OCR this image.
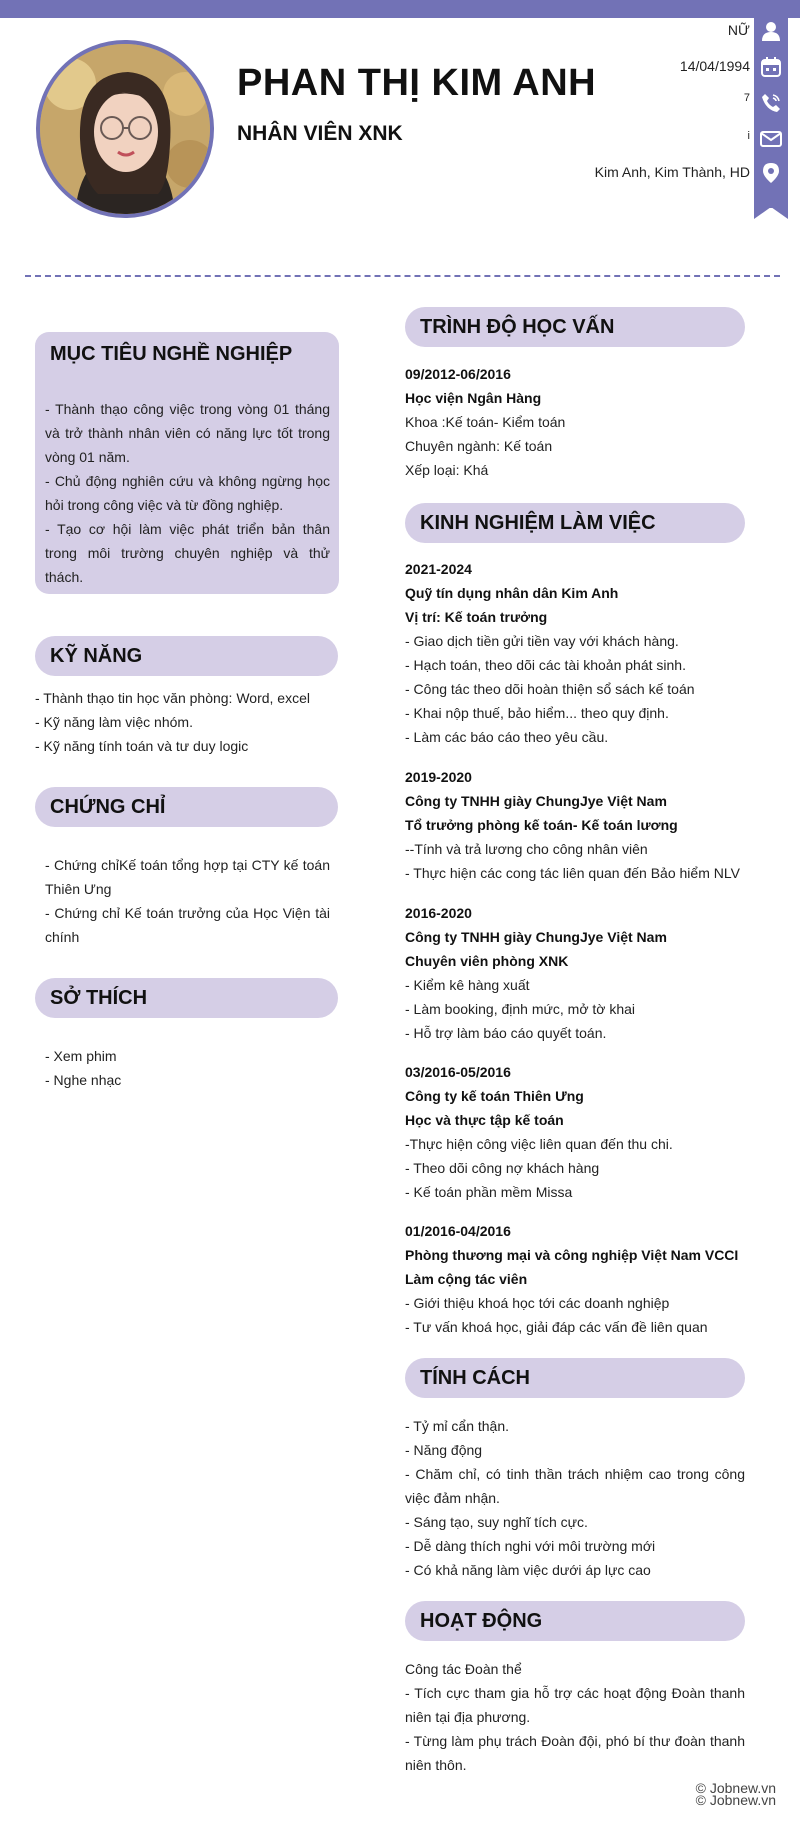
PHAN THỊ KIM ANH
NHÂN VIÊN XNK
NỮ
14/04/1994
7
i
Kim Anh, Kim Thành, HD
MỤC TIÊU NGHỀ NGHIỆP
- Thành thạo công việc trong vòng 01 tháng và trở thành nhân viên có năng lực tốt trong vòng 01 năm.
- Chủ động nghiên cứu và không ngừng học hỏi trong công việc và từ đồng nghiệp.
- Tạo cơ hội làm việc phát triển bản thân trong môi trường chuyên nghiệp và thử thách.
KỸ NĂNG
- Thành thạo tin học văn phòng: Word, excel
- Kỹ năng làm việc nhóm.
- Kỹ năng tính toán và tư duy logic
CHỨNG CHỈ
- Chứng chỉKế toán tổng hợp tại CTY kế toán Thiên Ưng
- Chứng chỉ Kế toán trưởng của Học Viện tài chính
SỞ THÍCH
- Xem phim
- Nghe nhạc
TRÌNH ĐỘ HỌC VẤN
09/2012-06/2016
Học viện Ngân Hàng
Khoa :Kế toán- Kiểm toán
Chuyên ngành: Kế toán
Xếp loại: Khá
KINH NGHIỆM LÀM VIỆC
2021-2024
Quỹ tín dụng nhân dân Kim Anh
Vị trí: Kế toán trưởng
- Giao dịch tiền gửi tiền vay với khách hàng.
- Hạch toán, theo dõi các tài khoản phát sinh.
- Công tác theo dõi hoàn thiện sổ sách kế toán
- Khai nộp thuế, bảo hiểm... theo quy định.
- Làm các báo cáo theo yêu cầu.
2019-2020
Công ty TNHH giày ChungJye Việt Nam
Tổ trưởng phòng kế toán- Kế toán lương
--Tính và trả lương cho công nhân viên
- Thực hiện các cong tác liên quan đến Bảo hiểm NLV
2016-2020
Công ty TNHH giày ChungJye Việt Nam
Chuyên viên phòng XNK
- Kiểm kê hàng xuất
- Làm booking, định mức, mở tờ khai
- Hỗ trợ làm báo cáo quyết toán.
03/2016-05/2016
Công ty kế toán Thiên Ưng
Học và thực tập kế toán
-Thực hiện công việc liên quan đến thu chi.
- Theo dõi công nợ khách hàng
- Kế toán phần mềm Missa
01/2016-04/2016
Phòng thương mại và công nghiệp Việt Nam VCCI
Làm cộng tác viên
- Giới thiệu khoá học tới các doanh nghiệp
- Tư vấn khoá học, giải đáp các vấn đề liên quan
TÍNH CÁCH
- Tỷ mỉ cẩn thận.
- Năng động
- Chăm chỉ, có tinh thần trách nhiệm cao trong công việc đảm nhận.
- Sáng tạo, suy nghĩ tích cực.
- Dễ dàng thích nghi với môi trường mới
- Có khả năng làm việc dưới áp lực cao
HOẠT ĐỘNG
Công tác Đoàn thể
- Tích cực tham gia hỗ trợ các hoạt động Đoàn thanh niên tại địa phương.
- Từng làm phụ trách Đoàn đội, phó bí thư đoàn thanh niên thôn.
© Jobnew.vn
© Jobnew.vn
